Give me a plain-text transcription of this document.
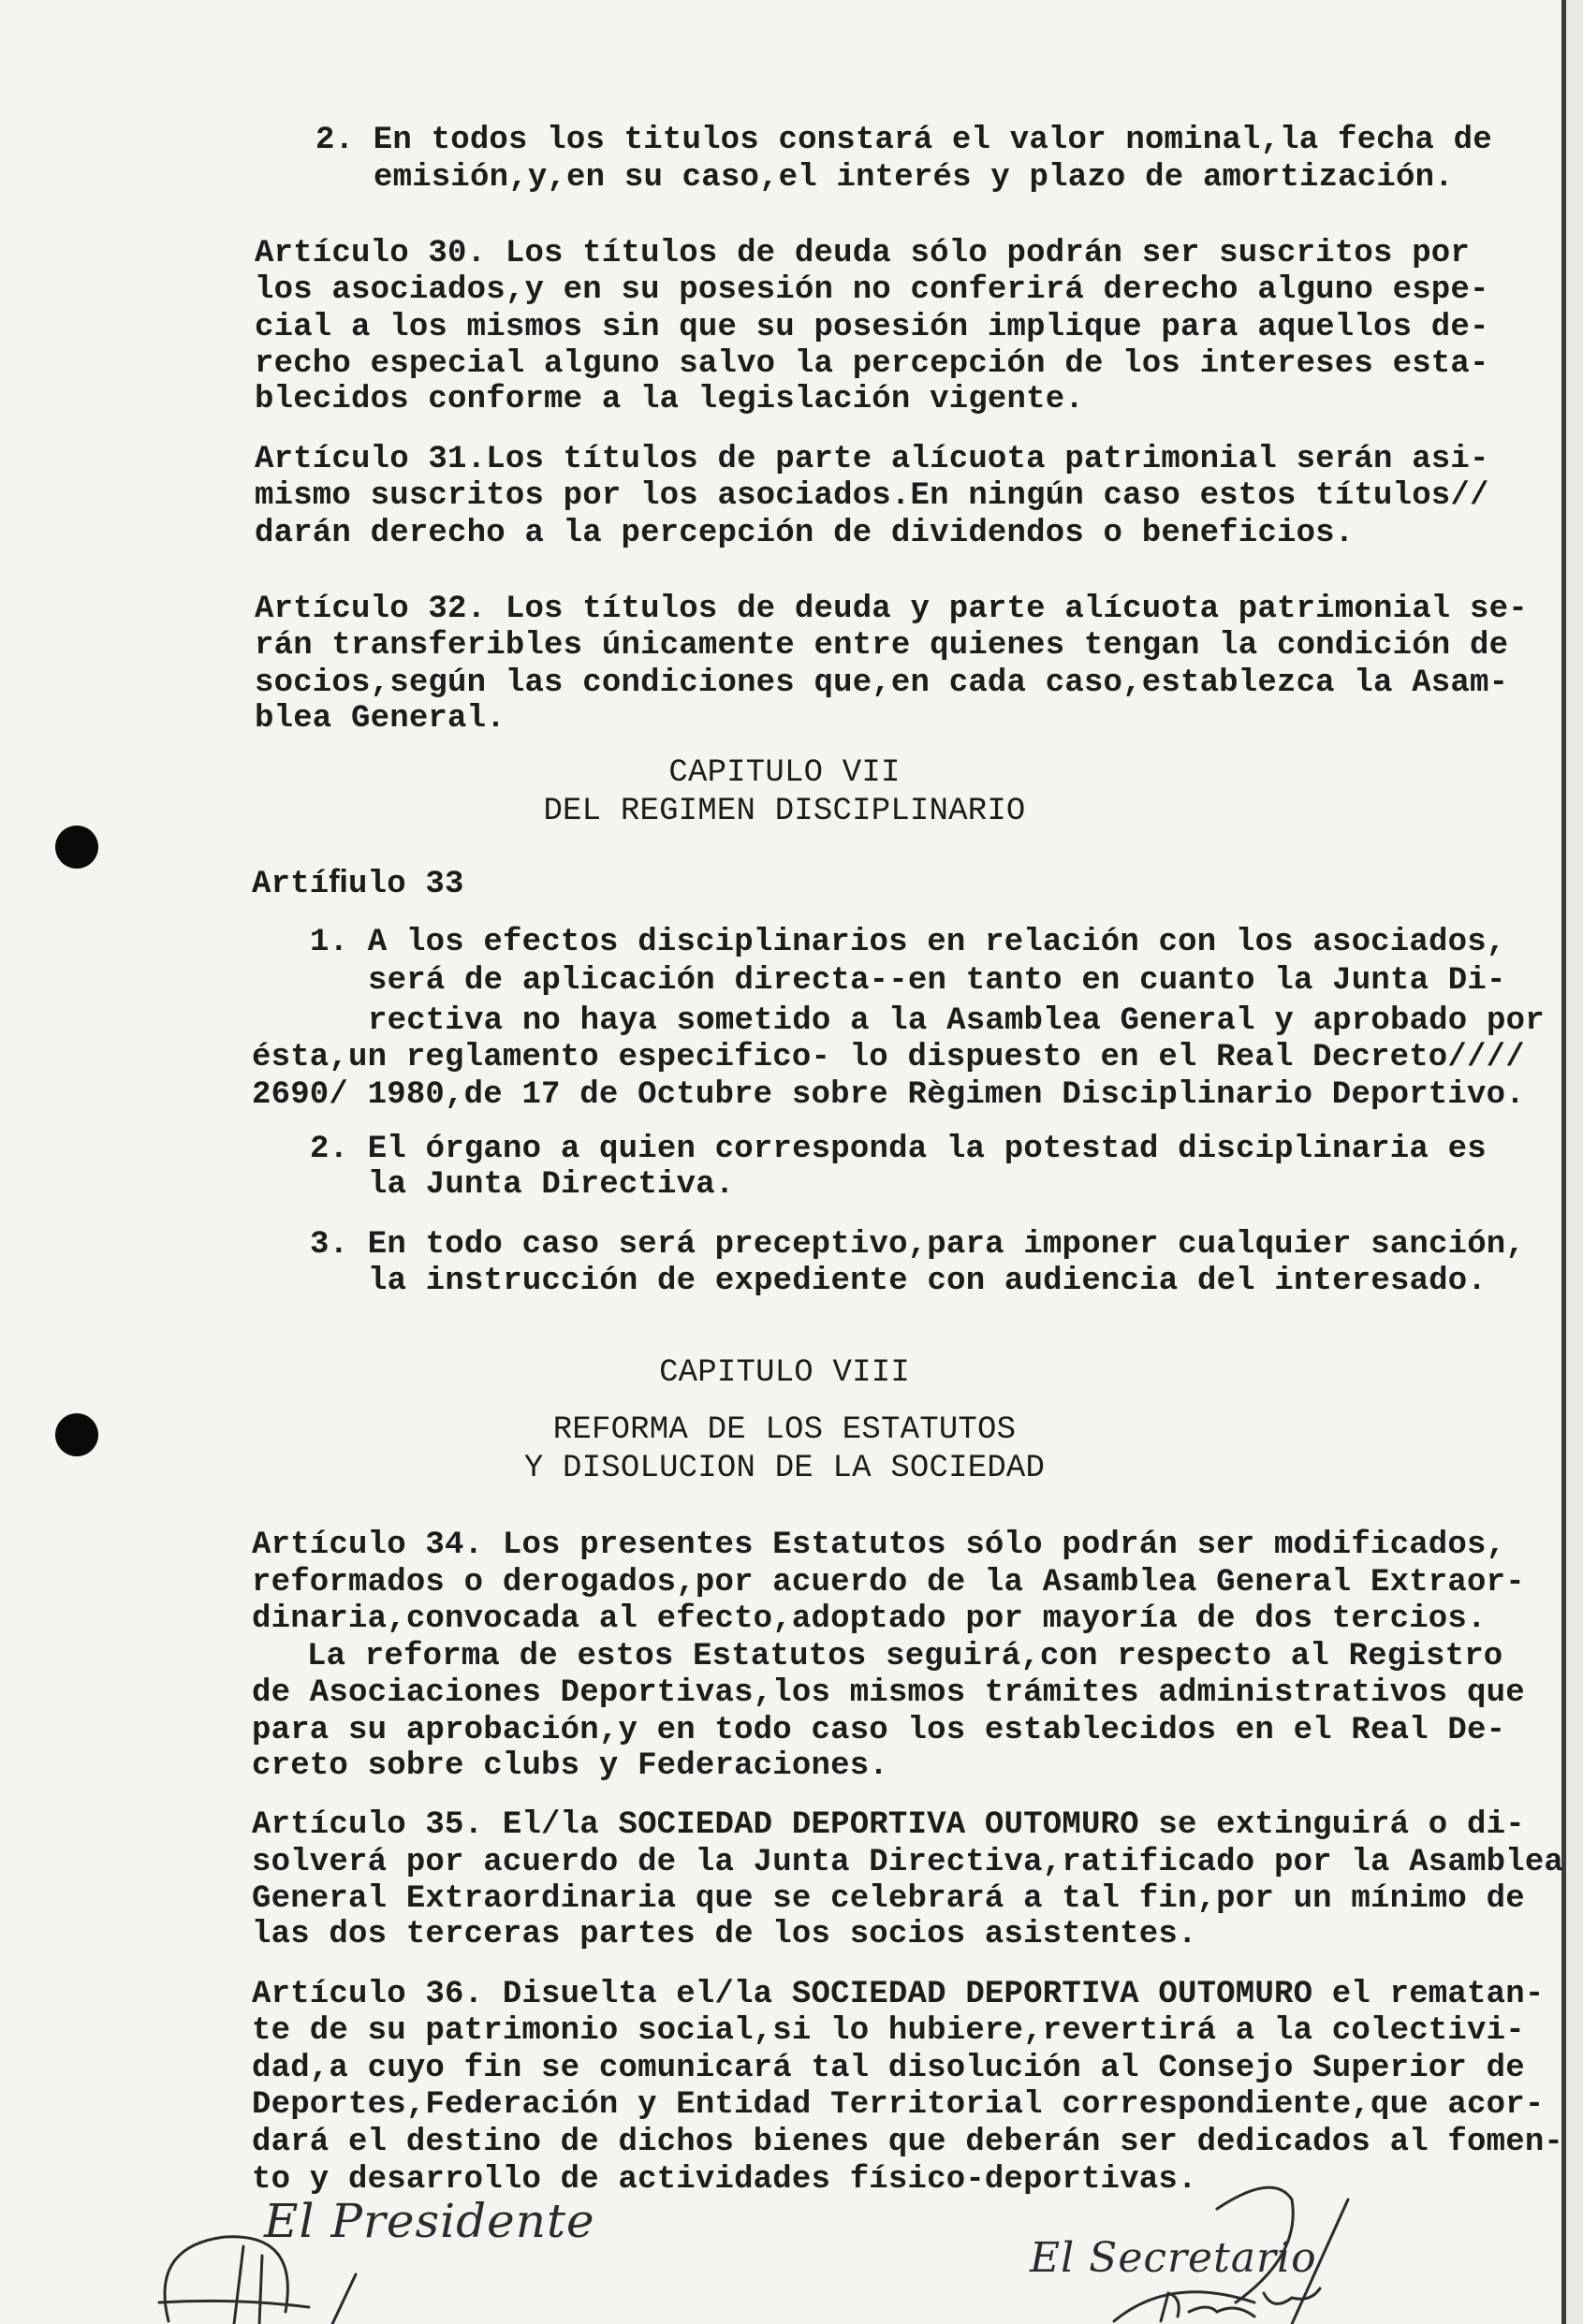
2. En todos los titulos constará el valor nominal,la fecha de
emisión,y,en su caso,el interés y plazo de amortización.
Artículo 30. Los títulos de deuda sólo podrán ser suscritos por
los asociados,y en su posesión no conferirá derecho alguno espe-
cial a los mismos sin que su posesión implique para aquellos de-
recho especial alguno salvo la percepción de los intereses esta-
blecidos conforme a la legislación vigente.
Artículo 31.Los títulos de parte alícuota patrimonial serán asi-
mismo suscritos por los asociados.En ningún caso estos títulos//
darán derecho a la percepción de dividendos o beneficios.
Artículo 32. Los títulos de deuda y parte alícuota patrimonial se-
rán transferibles únicamente entre quienes tengan la condición de
socios,según las condiciones que,en cada caso,establezca la Asam-
blea General.
CAPITULO VII
DEL REGIMEN DISCIPLINARIO
Artíﬁulo 33
1. A los efectos disciplinarios en relación con los asociados,
será de aplicación directa--en tanto en cuanto la Junta Di-
rectiva no haya sometido a la Asamblea General y aprobado por
ésta,un reglamento especifico- lo dispuesto en el Real Decreto////
2690/ 1980,de 17 de Octubre sobre Règimen Disciplinario Deportivo.
2. El órgano a quien corresponda la potestad disciplinaria es
la Junta Directiva.
3. En todo caso será preceptivo,para imponer cualquier sanción,
la instrucción de expediente con audiencia del interesado.
CAPITULO VIII
REFORMA DE LOS ESTATUTOS
Y DISOLUCION DE LA SOCIEDAD
Artículo 34. Los presentes Estatutos sólo podrán ser modificados,
reformados o derogados,por acuerdo de la Asamblea General Extraor-
dinaria,convocada al efecto,adoptado por mayoría de dos tercios.
La reforma de estos Estatutos seguirá,con respecto al Registro
de Asociaciones Deportivas,los mismos trámites administrativos que
para su aprobación,y en todo caso los establecidos en el Real De-
creto sobre clubs y Federaciones.
Artículo 35. El/la SOCIEDAD DEPORTIVA OUTOMURO se extinguirá o di-
solverá por acuerdo de la Junta Directiva,ratificado por la Asamblea
General Extraordinaria que se celebrará a tal fin,por un mínimo de
las dos terceras partes de los socios asistentes.
Artículo 36. Disuelta el/la SOCIEDAD DEPORTIVA OUTOMURO el rematan-
te de su patrimonio social,si lo hubiere,revertirá a la colectivi-
dad,a cuyo fin se comunicará tal disolución al Consejo Superior de
Deportes,Federación y Entidad Territorial correspondiente,que acor-
dará el destino de dichos bienes que deberán ser dedicados al fomen-
to y desarrollo de actividades físico-deportivas.
El Presidente
El Secretario
